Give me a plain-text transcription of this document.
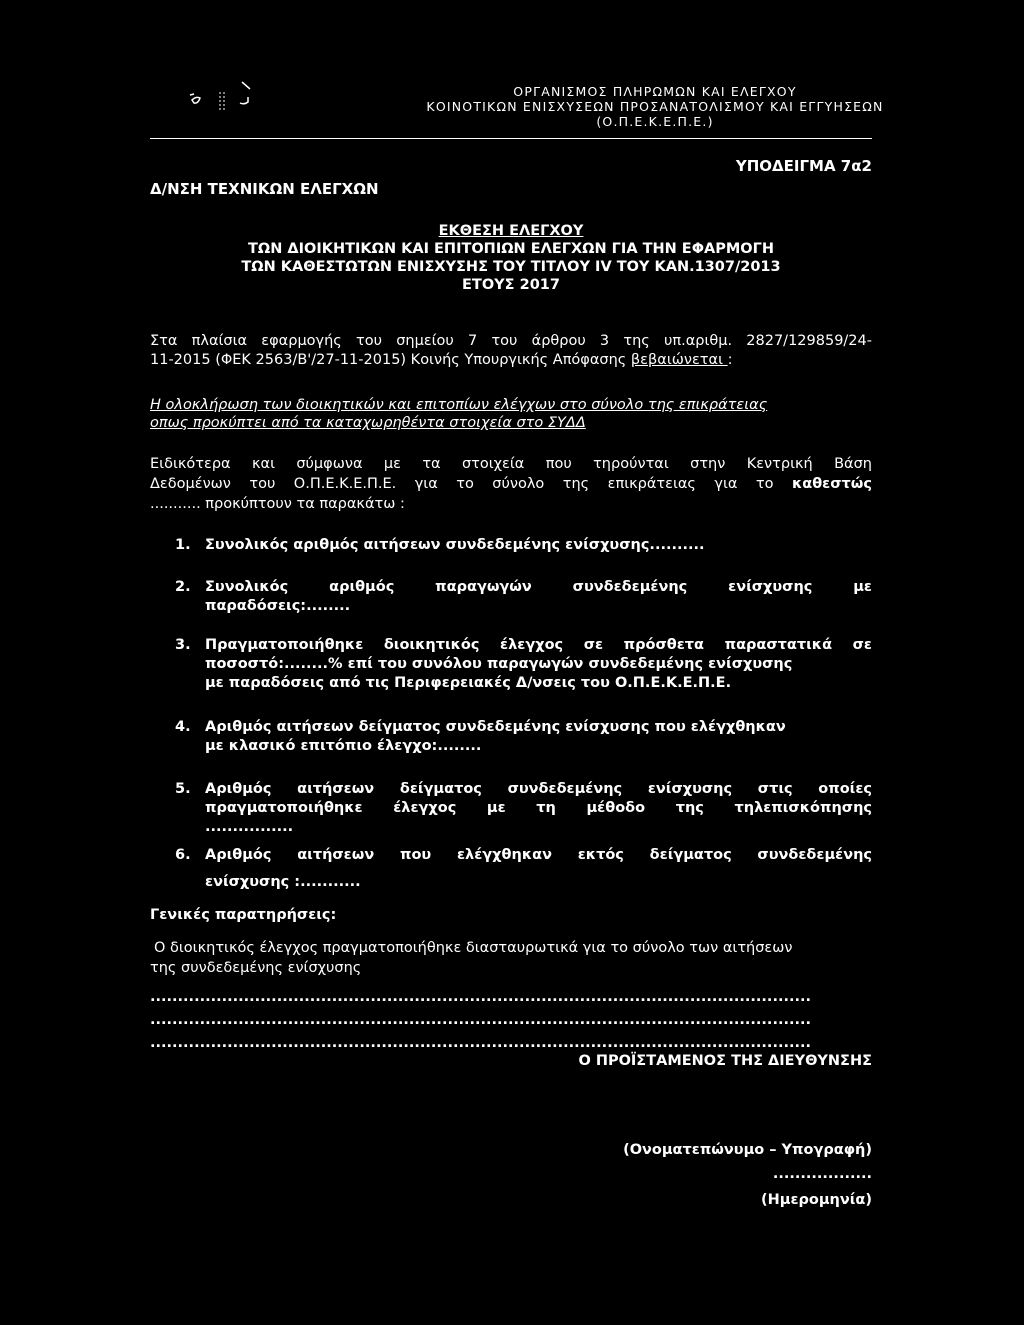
ΟΡΓΑΝΙΣΜΟΣ ΠΛΗΡΩΜΩΝ ΚΑΙ ΕΛΕΓΧΟΥ
ΚΟΙΝΟΤΙΚΩΝ ΕΝΙΣΧΥΣΕΩΝ ΠΡΟΣΑΝΑΤΟΛΙΣΜΟΥ ΚΑΙ ΕΓΓΥΗΣΕΩΝ
(Ο.Π.Ε.Κ.Ε.Π.Ε.)
ΥΠΟΔΕΙΓΜΑ 7α2
Δ/ΝΣΗ ΤΕΧΝΙΚΩΝ ΕΛΕΓΧΩΝ
ΕΚΘΕΣΗ ΕΛΕΓΧΟΥ
ΤΩΝ ΔΙΟΙΚΗΤΙΚΩΝ ΚΑΙ ΕΠΙΤΟΠΙΩΝ ΕΛΕΓΧΩΝ ΓΙΑ ΤΗΝ ΕΦΑΡΜΟΓΗ
ΤΩΝ ΚΑΘΕΣΤΩΤΩΝ ΕΝΙΣΧΥΣΗΣ ΤΟΥ ΤΙΤΛΟΥ IV ΤΟΥ ΚΑΝ.1307/2013
ΕΤΟΥΣ 2017
Στα πλαίσια εφαρμογής του σημείου 7 του άρθρου 3 της υπ.αριθμ. 2827/129859/24-
11-2015 (ΦΕΚ 2563/Β'/27-11-2015) Κοινής Υπουργικής Απόφασης βεβαιώνεται :
Η ολοκλήρωση των διοικητικών και επιτοπίων ελέγχων στο σύνολο της επικράτειας
οπως προκύπτει από τα καταχωρηθέντα στοιχεία στο ΣΥΔΔ
Ειδικότερα και σύμφωνα με τα στοιχεία που τηρούνται στην Κεντρική Βάση
Δεδομένων του Ο.Π.Ε.Κ.Ε.Π.Ε. για το σύνολο της επικράτειας για το καθεστώς
........... προκύπτουν τα παρακάτω :
1. Συνολικός αριθμός αιτήσεων συνδεδεμένης ενίσχυσης..........
2. Συνολικός αριθμός παραγωγών συνδεδεμένης ενίσχυσης με
παραδόσεις:........
3. Πραγματοποιήθηκε διοικητικός έλεγχος σε πρόσθετα παραστατικά σε
ποσοστό:........% επί του συνόλου παραγωγών συνδεδεμένης ενίσχυσης
με παραδόσεις από τις Περιφερειακές Δ/νσεις του Ο.Π.Ε.Κ.Ε.Π.Ε.
4. Αριθμός αιτήσεων δείγματος συνδεδεμένης ενίσχυσης που ελέγχθηκαν
με κλασικό επιτόπιο έλεγχο:........
5. Αριθμός αιτήσεων δείγματος συνδεδεμένης ενίσχυσης στις οποίες
πραγματοποιήθηκε έλεγχος με τη μέθοδο της τηλεπισκόπησης
................
6. Αριθμός αιτήσεων που ελέγχθηκαν εκτός δείγματος συνδεδεμένης
ενίσχυσης :...........
Γενικές παρατηρήσεις:
Ο διοικητικός έλεγχος πραγματοποιήθηκε διασταυρωτικά για το σύνολο των αιτήσεων
της συνδεδεμένης ενίσχυσης
........................................................................................................................
........................................................................................................................
........................................................................................................................
Ο ΠΡΟΪΣΤΑΜΕΝΟΣ ΤΗΣ ΔΙΕΥΘΥΝΣΗΣ
(Ονοματεπώνυμο – Υπογραφή)
..................
(Ημερομηνία)
